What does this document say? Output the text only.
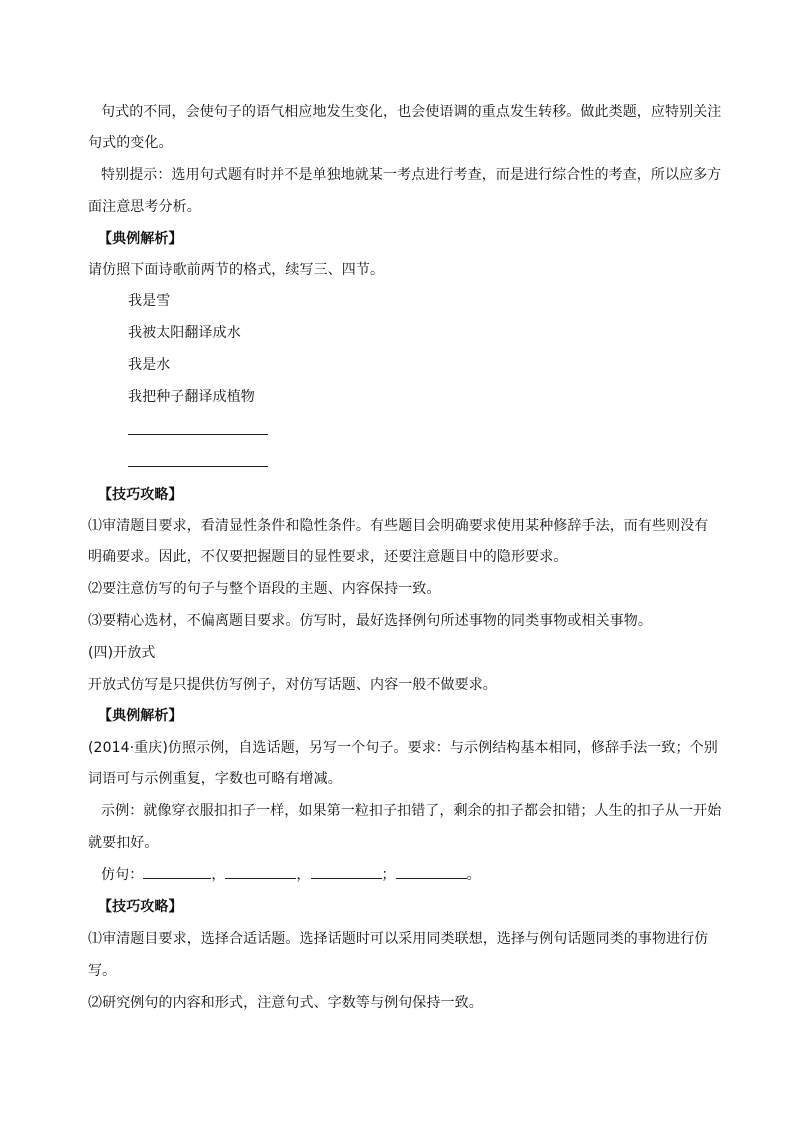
句式的不同，会使句子的语气相应地发生变化，也会使语调的重点发生转移。做此类题，应特别关注
句式的变化。
特别提示：选用句式题有时并不是单独地就某一考点进行考查，而是进行综合性的考查，所以应多方
面注意思考分析。
【典例解析】
请仿照下面诗歌前两节的格式，续写三、四节。
我是雪
我被太阳翻译成水
我是水
我把种子翻译成植物
【技巧攻略】
⑴审清题目要求，看清显性条件和隐性条件。有些题目会明确要求使用某种修辞手法，而有些则没有
明确要求。因此，不仅要把握题目的显性要求，还要注意题目中的隐形要求。
⑵要注意仿写的句子与整个语段的主题、内容保持一致。
⑶要精心选材，不偏离题目要求。仿写时，最好选择例句所述事物的同类事物或相关事物。
(四)开放式
开放式仿写是只提供仿写例子，对仿写话题、内容一般不做要求。
【典例解析】
(2014·重庆)仿照示例，自选话题，另写一个句子。要求：与示例结构基本相同，修辞手法一致；个别
词语可与示例重复，字数也可略有增减。
示例：就像穿衣服扣扣子一样，如果第一粒扣子扣错了，剩余的扣子都会扣错；人生的扣子从一开始
就要扣好。
仿句：	，	，	；	。
【技巧攻略】
⑴审清题目要求，选择合适话题。选择话题时可以采用同类联想，选择与例句话题同类的事物进行仿
写。
⑵研究例句的内容和形式，注意句式、字数等与例句保持一致。
